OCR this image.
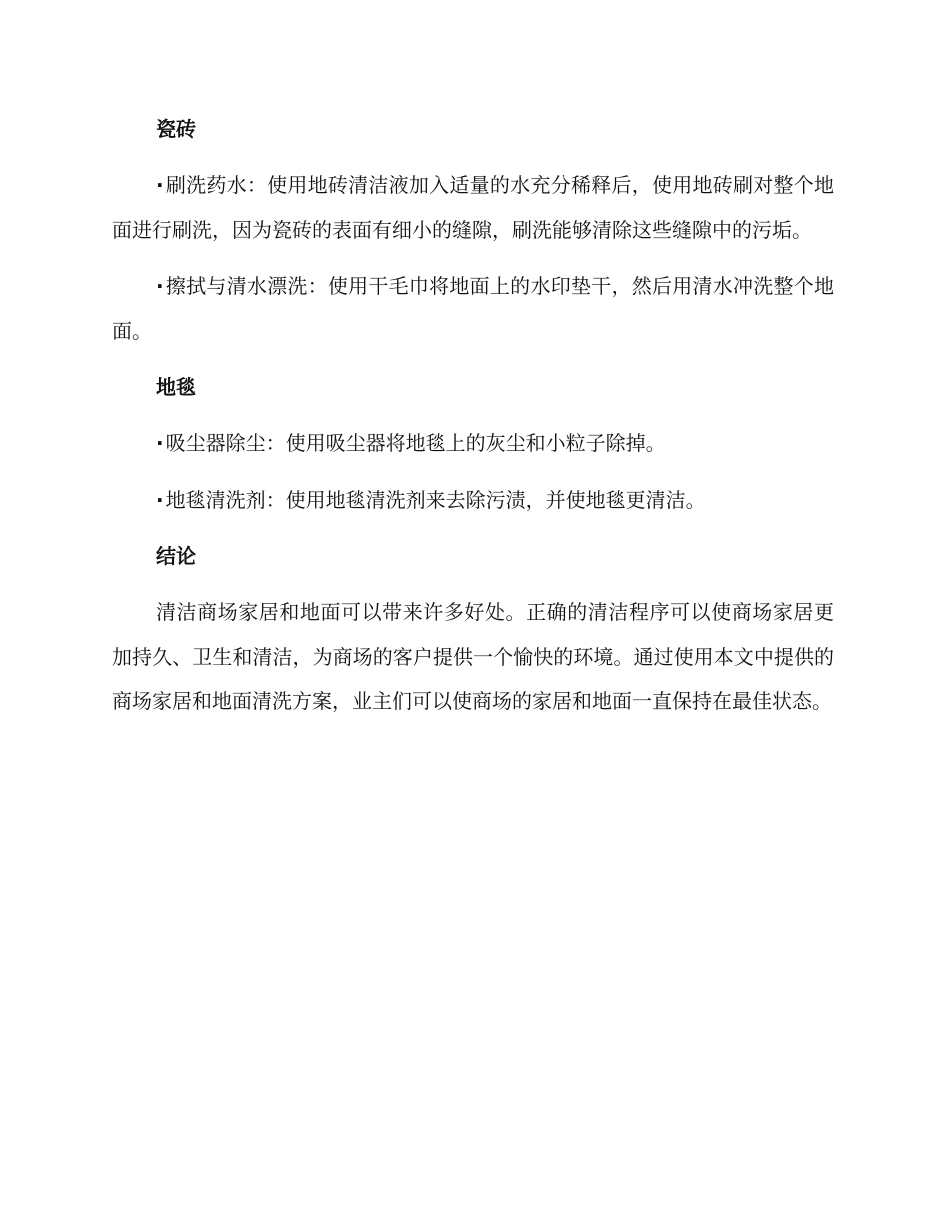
瓷砖
· 刷洗药水：使用地砖清洁液加入适量的水充分稀释后，使用地砖刷对整个地面进行刷洗，因为瓷砖的表面有细小的缝隙，刷洗能够清除这些缝隙中的污垢。
· 擦拭与清水漂洗：使用干毛巾将地面上的水印垫干，然后用清水冲洗整个地面。
地毯
· 吸尘器除尘：使用吸尘器将地毯上的灰尘和小粒子除掉。
· 地毯清洗剂：使用地毯清洗剂来去除污渍，并使地毯更清洁。
结论
清洁商场家居和地面可以带来许多好处。正确的清洁程序可以使商场家居更加持久、卫生和清洁，为商场的客户提供一个愉快的环境。通过使用本文中提供的商场家居和地面清洗方案，业主们可以使商场的家居和地面一直保持在最佳状态。
